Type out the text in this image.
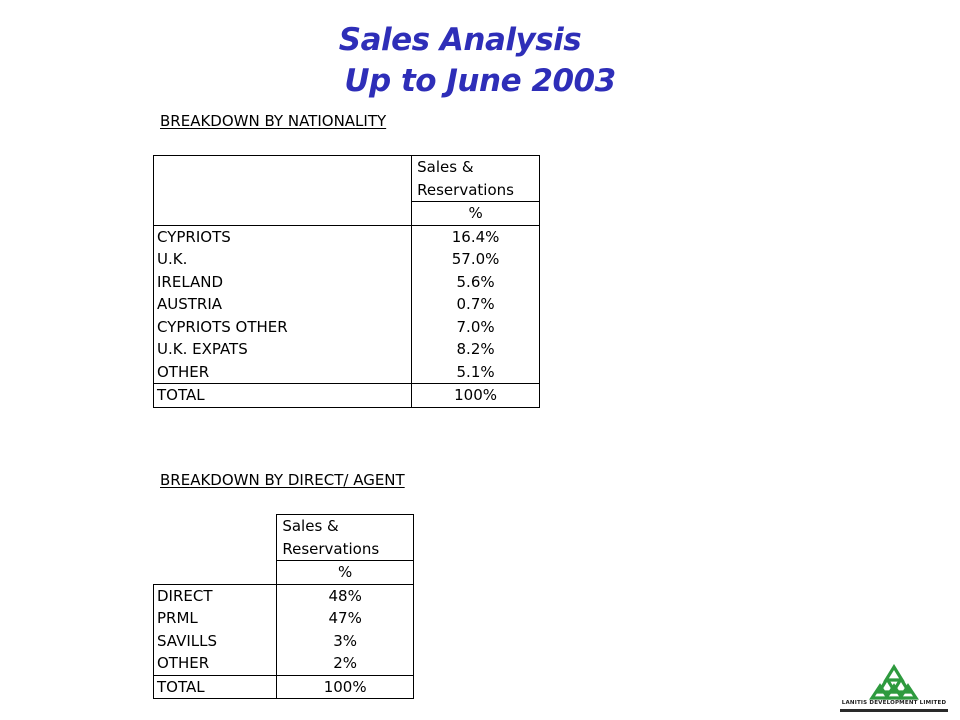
Sales Analysis
Up to June 2003
BREAKDOWN BY NATIONALITY
	Sales &
	Reservations
	%
CYPRIOTS	16.4%
U.K.	57.0%
IRELAND	5.6%
AUSTRIA	0.7%
CYPRIOTS OTHER	7.0%
U.K. EXPATS	8.2%
OTHER	5.1%
TOTAL	100%
BREAKDOWN BY DIRECT/ AGENT
	Sales &
	Reservations
	%
DIRECT	48%
PRML	47%
SAVILLS	3%
OTHER	2%
TOTAL	100%
LANITIS DEVELOPMENT LIMITED
